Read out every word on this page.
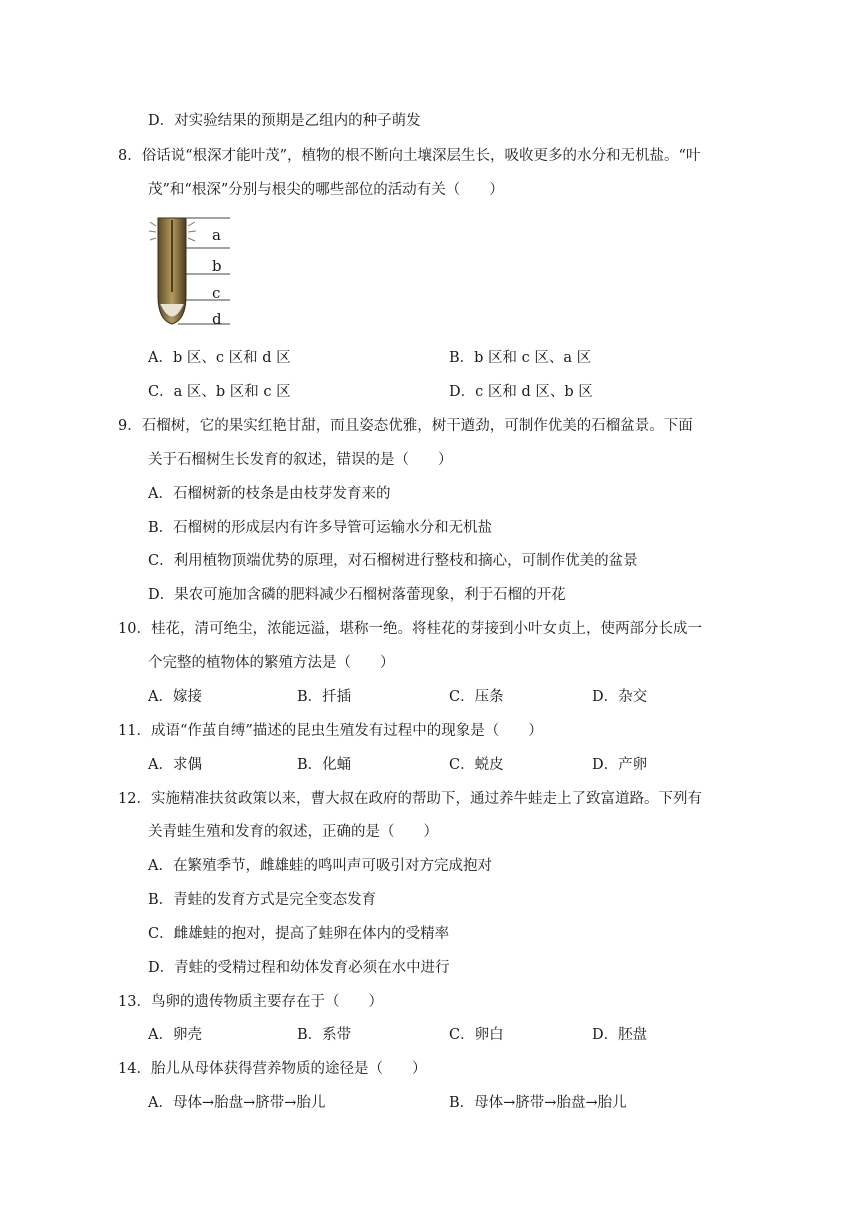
D．对实验结果的预期是乙组内的种子萌发
8．俗话说“根深才能叶茂”，植物的根不断向土壤深层生长，吸收更多的水分和无机盐。“叶
茂”和“根深”分别与根尖的哪些部位的活动有关（　　）
a
b
c
d
A．b 区、c 区和 d 区	B．b 区和 c 区、a 区
C．a 区、b 区和 c 区	D．c 区和 d 区、b 区
9．石榴树，它的果实红艳甘甜，而且姿态优雅，树干遒劲，可制作优美的石榴盆景。下面
关于石榴树生长发育的叙述，错误的是（　　）
A．石榴树新的枝条是由枝芽发育来的
B．石榴树的形成层内有许多导管可运输水分和无机盐
C．利用植物顶端优势的原理，对石榴树进行整枝和摘心，可制作优美的盆景
D．果农可施加含磷的肥料减少石榴树落蕾现象，利于石榴的开花
10．桂花，清可绝尘，浓能远溢，堪称一绝。将桂花的芽接到小叶女贞上，使两部分长成一
个完整的植物体的繁殖方法是（　　）
A．嫁接	B．扦插	C．压条	D．杂交
11．成语“作茧自缚”描述的昆虫生殖发有过程中的现象是（　　）
A．求偶	B．化蛹	C．蜕皮	D．产卵
12．实施精准扶贫政策以来，曹大叔在政府的帮助下，通过养牛蛙走上了致富道路。下列有
关青蛙生殖和发育的叙述，正确的是（　　）
A．在繁殖季节，雌雄蛙的鸣叫声可吸引对方完成抱对
B．青蛙的发育方式是完全变态发育
C．雌雄蛙的抱对，提高了蛙卵在体内的受精率
D．青蛙的受精过程和幼体发育必须在水中进行
13．鸟卵的遗传物质主要存在于（　　）
A．卵壳	B．系带	C．卵白	D．胚盘
14．胎儿从母体获得营养物质的途径是（　　）
A．母体→胎盘→脐带→胎儿	B．母体→脐带→胎盘→胎儿
